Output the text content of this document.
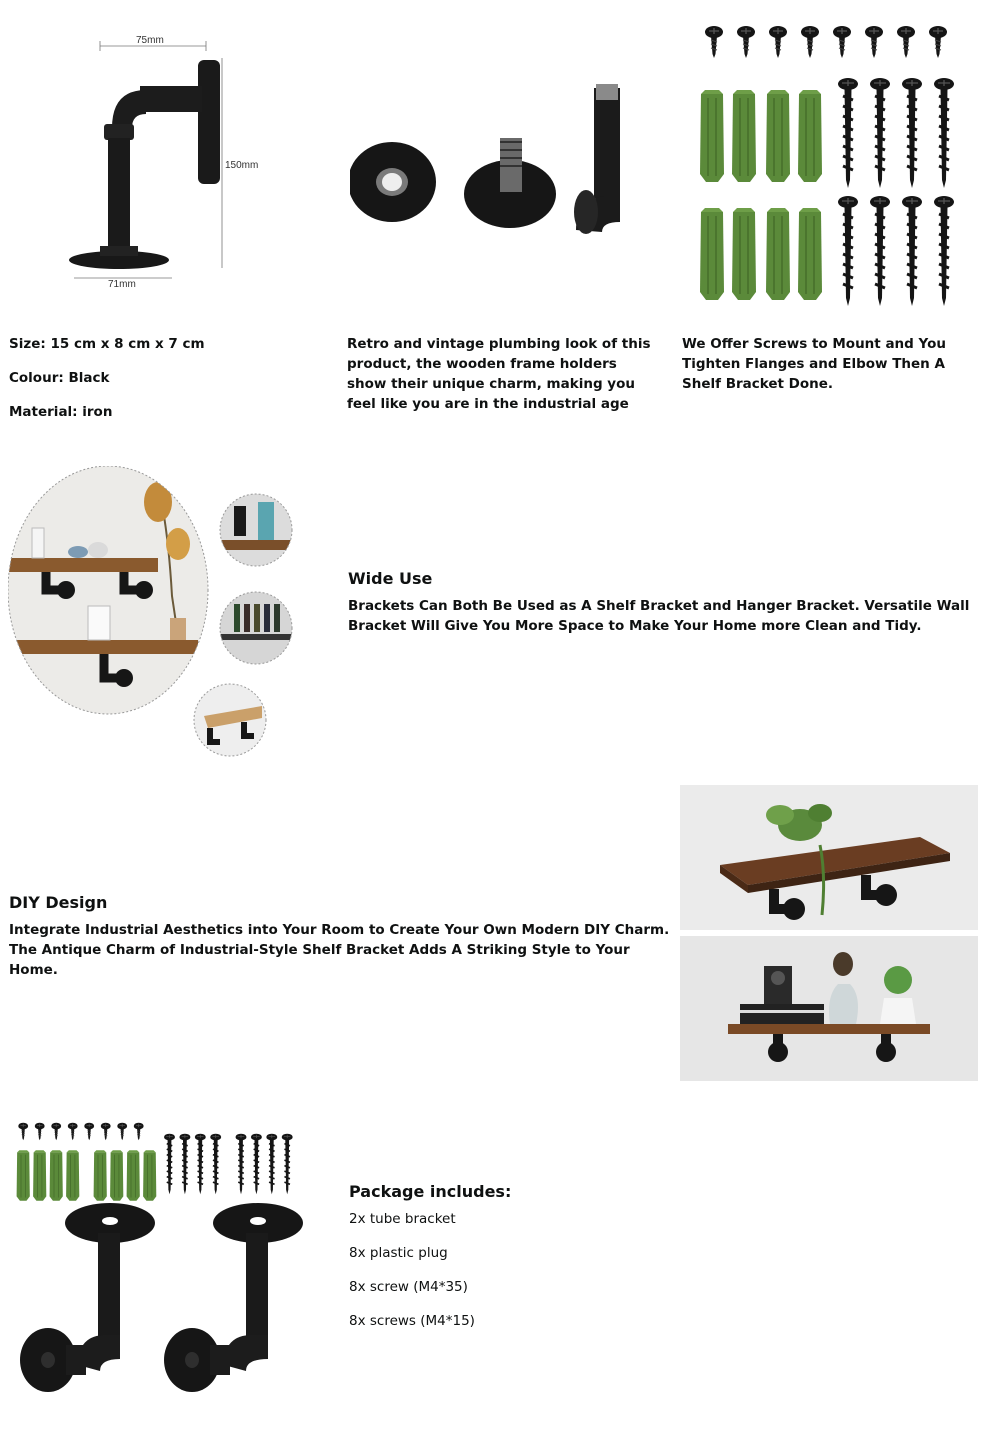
75mm
150mm
71mm
Size: 15 cm x 8 cm x 7 cm
Colour: Black
Material: iron
Retro and vintage plumbing look of this product, the wooden frame holders show their unique charm, making you feel like you are in the industrial age
We Offer Screws to Mount and You Tighten Flanges and Elbow Then A Shelf Bracket Done.
Wide Use
Brackets Can Both Be Used as A Shelf Bracket and Hanger Bracket. Versatile Wall Bracket Will Give You More Space to Make Your Home more Clean and Tidy.
DIY Design
Integrate Industrial Aesthetics into Your Room to Create Your Own Modern DIY Charm. The Antique Charm of Industrial-Style Shelf Bracket Adds A Striking Style to Your Home.
Package includes:
2x tube bracket
8x plastic plug
8x screw (M4*35)
8x screws (M4*15)
